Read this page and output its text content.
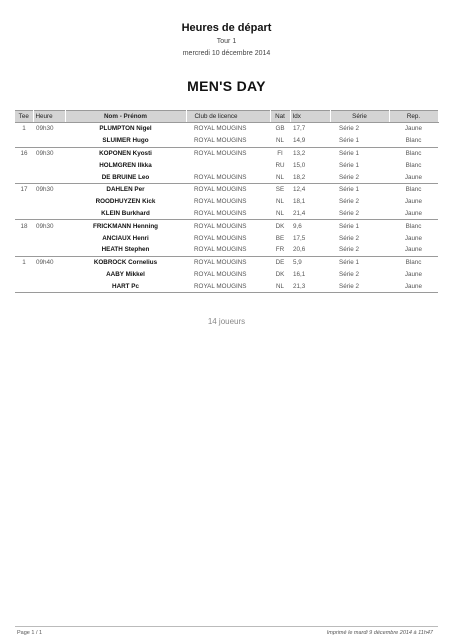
Heures de départ
Tour 1
mercredi 10 décembre 2014
MEN'S DAY
Tee	Heure	Nom - Prénom	Club de licence	Nat	Idx	Série	Rep.
1	09h30	PLUMPTON Nigel	ROYAL MOUGINS	GB	17,7	Série 2	Jaune
		SLUIMER Hugo	ROYAL MOUGINS	NL	14,9	Série 1	Blanc
16	09h30	KOPONEN Kyosti	ROYAL MOUGINS	FI	13,2	Série 1	Blanc
		HOLMGREN Ilkka		RU	15,0	Série 1	Blanc
		DE BRUINE Leo	ROYAL MOUGINS	NL	18,2	Série 2	Jaune
17	09h30	DAHLEN Per	ROYAL MOUGINS	SE	12,4	Série 1	Blanc
		ROODHUYZEN Kick	ROYAL MOUGINS	NL	18,1	Série 2	Jaune
		KLEIN Burkhard	ROYAL MOUGINS	NL	21,4	Série 2	Jaune
18	09h30	FRICKMANN Henning	ROYAL MOUGINS	DK	9,6	Série 1	Blanc
		ANCIAUX Henri	ROYAL MOUGINS	BE	17,5	Série 2	Jaune
		HEATH Stephen	ROYAL MOUGINS	FR	20,6	Série 2	Jaune
1	09h40	KOBROCK Cornelius	ROYAL MOUGINS	DE	5,9	Série 1	Blanc
		AABY Mikkel	ROYAL MOUGINS	DK	16,1	Série 2	Jaune
		HART Pc	ROYAL MOUGINS	NL	21,3	Série 2	Jaune
14 joueurs
Page 1 / 1	Imprimé le mardi 9 décembre 2014 à 11h47
